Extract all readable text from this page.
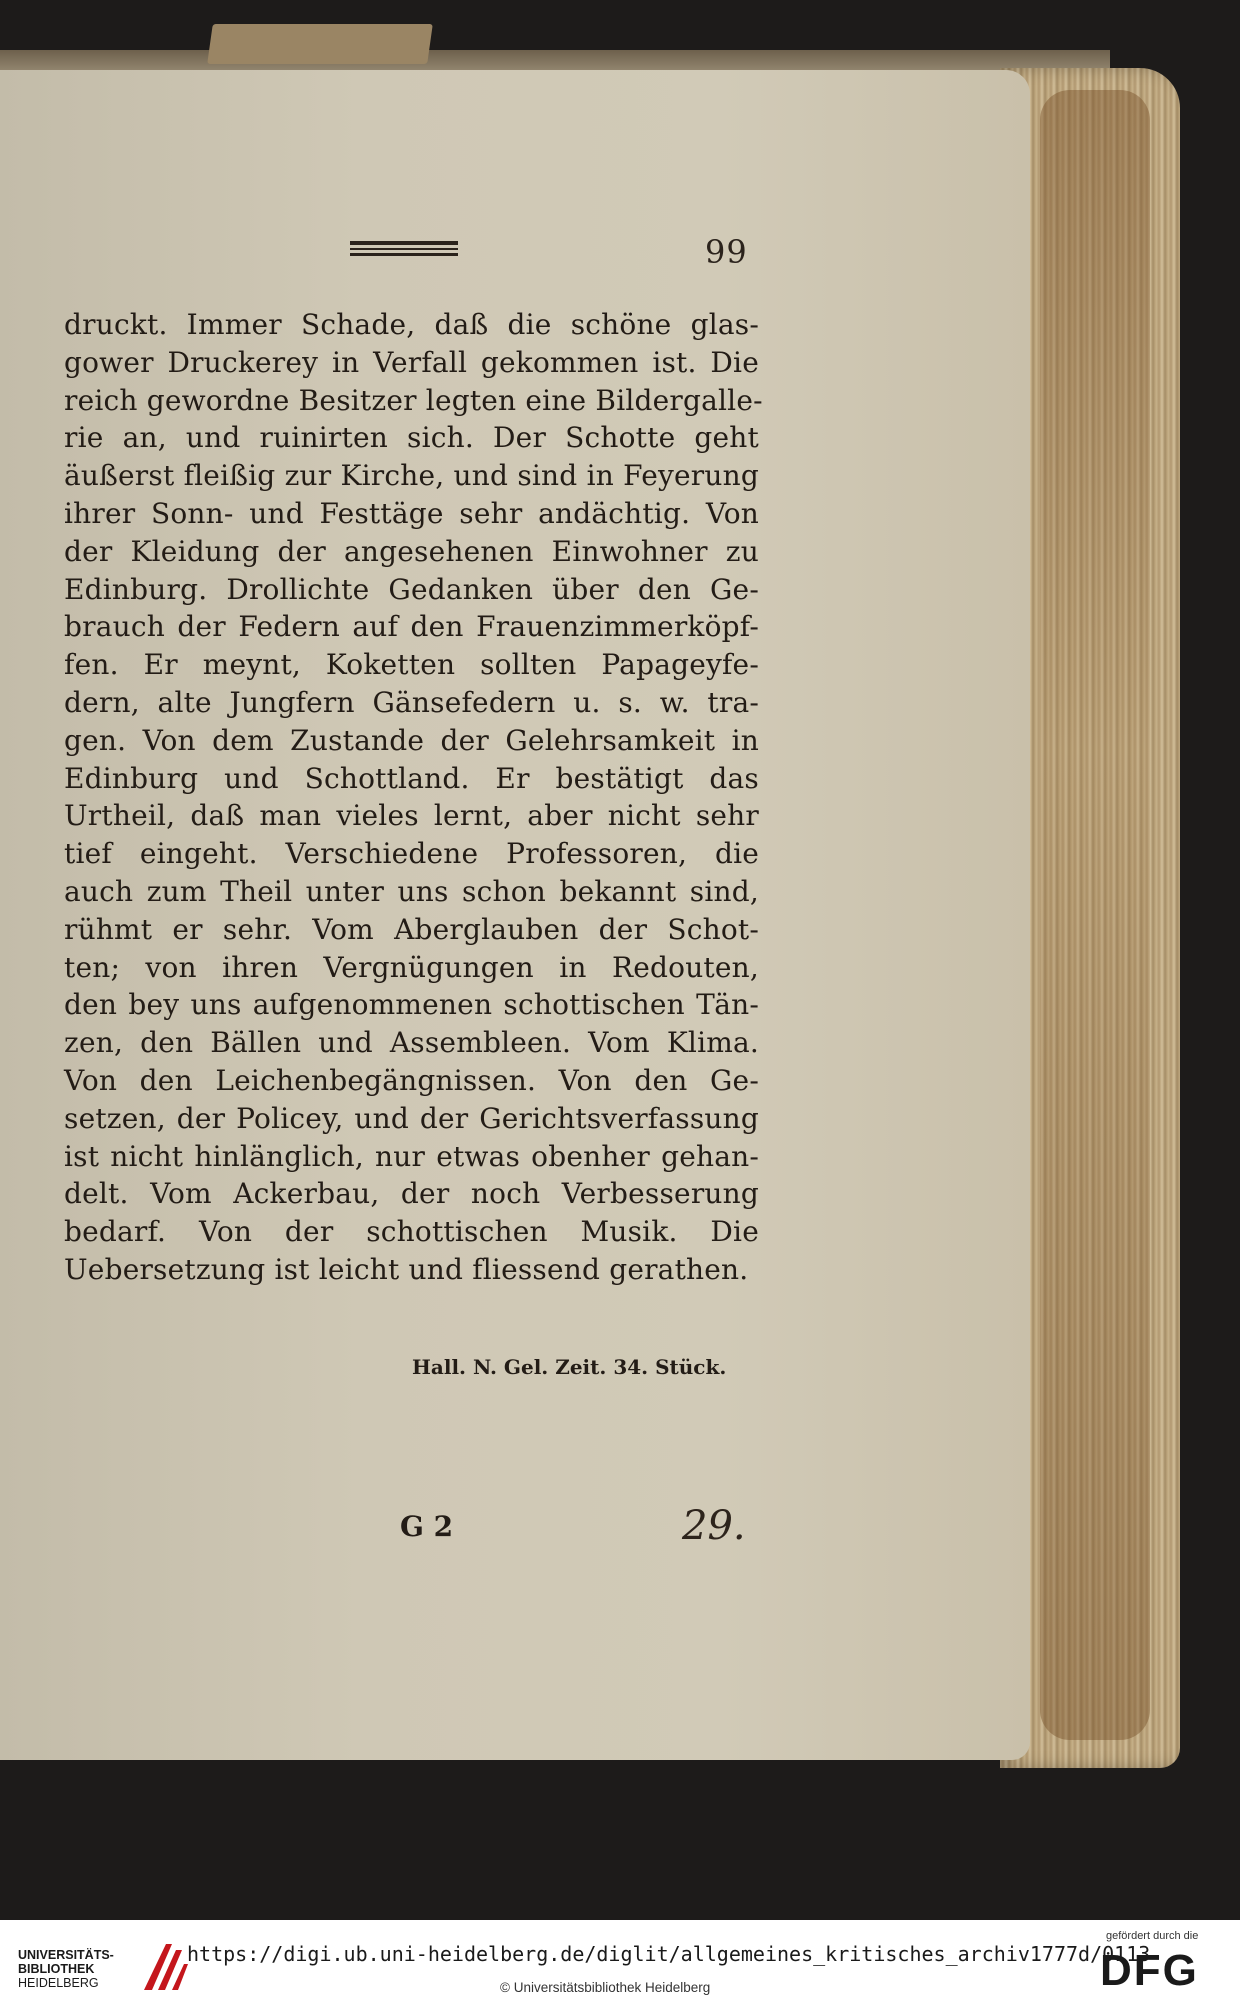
99
druckt. Immer Schade, daß die schöne glas-
gower Druckerey in Verfall gekommen ist. Die
reich gewordne Besitzer legten eine Bildergalle-
rie an, und ruinirten sich. Der Schotte geht
äußerst fleißig zur Kirche, und sind in Feyerung
ihrer Sonn- und Festtäge sehr andächtig. Von
der Kleidung der angesehenen Einwohner zu
Edinburg. Drollichte Gedanken über den Ge-
brauch der Federn auf den Frauenzimmerköpf-
fen. Er meynt, Koketten sollten Papageyfe-
dern, alte Jungfern Gänsefedern u. s. w. tra-
gen. Von dem Zustande der Gelehrsamkeit in
Edinburg und Schottland. Er bestätigt das
Urtheil, daß man vieles lernt, aber nicht sehr
tief eingeht. Verschiedene Professoren, die
auch zum Theil unter uns schon bekannt sind,
rühmt er sehr. Vom Aberglauben der Schot-
ten; von ihren Vergnügungen in Redouten,
den bey uns aufgenommenen schottischen Tän-
zen, den Bällen und Assembleen. Vom Klima.
Von den Leichenbegängnissen. Von den Ge-
setzen, der Policey, und der Gerichtsverfassung
ist nicht hinlänglich, nur etwas obenher gehan-
delt. Vom Ackerbau, der noch Verbesserung
bedarf. Von der schottischen Musik. Die
Uebersetzung ist leicht und fliessend gerathen.
Hall. N. Gel. Zeit. 34. Stück.
G 2	29.
UNIVERSITÄTS-
BIBLIOTHEK
HEIDELBERG
https://digi.ub.uni-heidelberg.de/diglit/allgemeines_kritisches_archiv1777d/0113
© Universitätsbibliothek Heidelberg
gefördert durch die
DFG
